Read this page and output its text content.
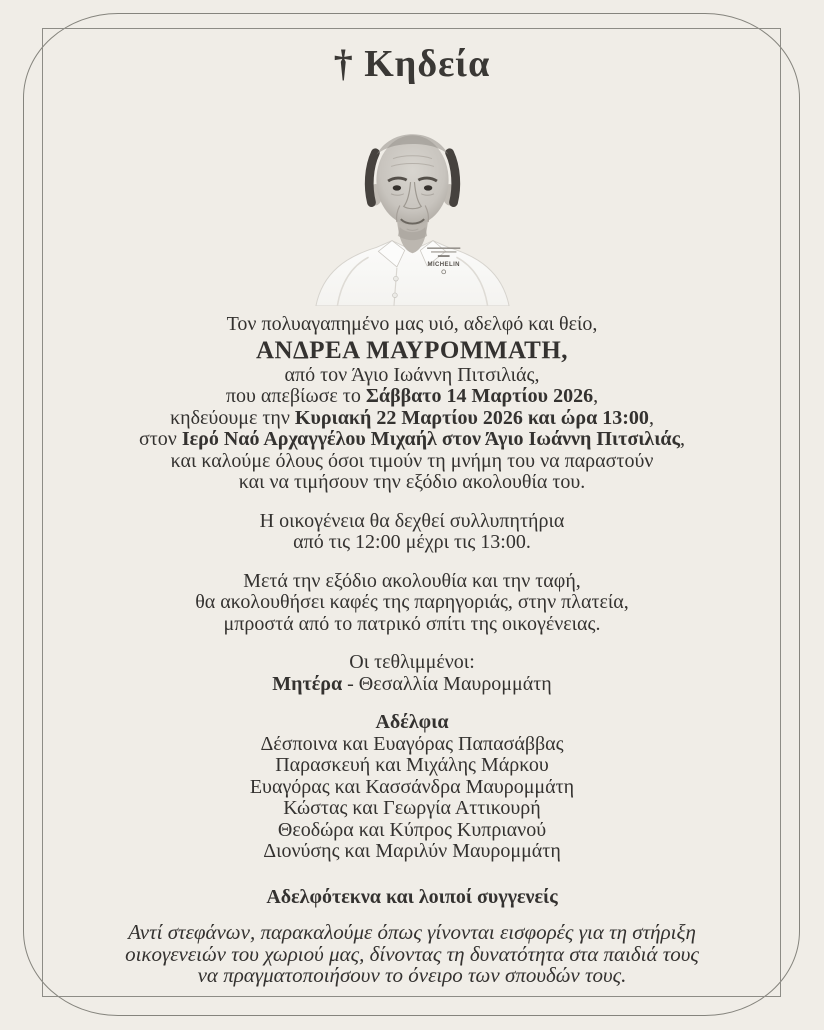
† Κηδεία
MICHELIN
Τον πολυαγαπημένο μας υιό, αδελφό και θείο,
ΑΝΔΡΕΑ ΜΑΥΡΟΜΜΑΤΗ,
από τον Άγιο Ιωάννη Πιτσιλιάς,
που απεβίωσε το Σάββατο 14 Μαρτίου 2026,
κηδεύουμε την Κυριακή 22 Μαρτίου 2026 και ώρα 13:00,
στον Ιερό Ναό Αρχαγγέλου Μιχαήλ στον Άγιο Ιωάννη Πιτσιλιάς,
και καλούμε όλους όσοι τιμούν τη μνήμη του να παραστούν
και να τιμήσουν την εξόδιο ακολουθία του.
Η οικογένεια θα δεχθεί συλλυπητήρια
από τις 12:00 μέχρι τις 13:00.
Μετά την εξόδιο ακολουθία και την ταφή,
θα ακολουθήσει καφές της παρηγοριάς, στην πλατεία,
μπροστά από το πατρικό σπίτι της οικογένειας.
Οι τεθλιμμένοι:
Μητέρα - Θεσαλλία Μαυρομμάτη
Αδέλφια
Δέσποινα και Ευαγόρας Παπασάββας
Παρασκευή και Μιχάλης Μάρκου
Ευαγόρας και Κασσάνδρα Μαυρομμάτη
Κώστας και Γεωργία Αττικουρή
Θεοδώρα και Κύπρος Κυπριανού
Διονύσης και Μαριλύν Μαυρομμάτη
Αδελφότεκνα και λοιποί συγγενείς
Αντί στεφάνων, παρακαλούμε όπως γίνονται εισφορές για τη στήριξη
οικογενειών του χωριού μας, δίνοντας τη δυνατότητα στα παιδιά τους
να πραγματοποιήσουν το όνειρο των σπουδών τους.
